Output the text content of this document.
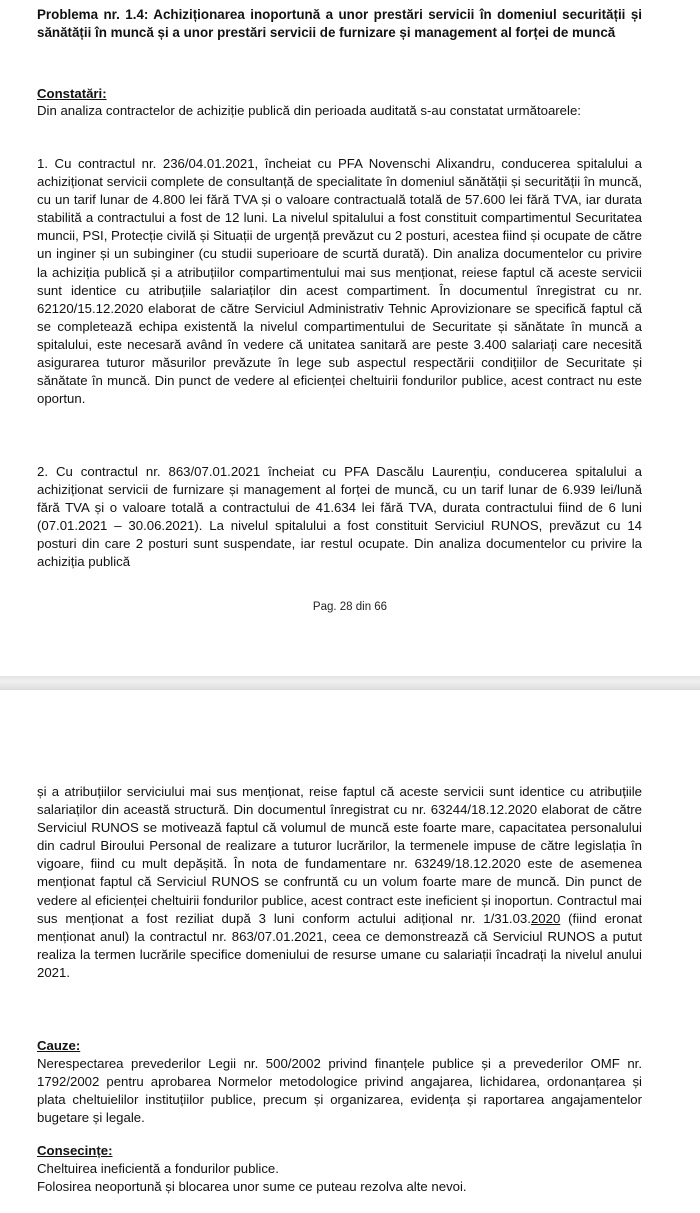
Problema nr. 1.4: Achiziționarea inoportună a unor prestări servicii în domeniul securității și sănătății în muncă și a unor prestări servicii de furnizare și management al forței de muncă
Constatări:
Din analiza contractelor de achiziție publică din perioada auditată s-au constatat următoarele:
1. Cu contractul nr. 236/04.01.2021, încheiat cu PFA Novenschi Alixandru, conducerea spitalului a achiziționat servicii complete de consultanță de specialitate în domeniul sănătății și securității în muncă, cu un tarif lunar de 4.800 lei fără TVA și o valoare contractuală totală de 57.600 lei fără TVA, iar durata stabilită a contractului a fost de 12 luni. La nivelul spitalului a fost constituit compartimentul Securitatea muncii, PSI, Protecție civilă și Situații de urgență prevăzut cu 2 posturi, acestea fiind și ocupate de către un inginer și un subinginer (cu studii superioare de scurtă durată). Din analiza documentelor cu privire la achiziția publică și a atribuțiilor compartimentului mai sus menționat, reiese faptul că aceste servicii sunt identice cu atribuțiile salariaților din acest compartiment. În documentul înregistrat cu nr. 62120/15.12.2020 elaborat de către Serviciul Administrativ Tehnic Aprovizionare se specifică faptul că se completează echipa existentă la nivelul compartimentului de Securitate și sănătate în muncă a spitalului, este necesară având în vedere că unitatea sanitară are peste 3.400 salariați care necesită asigurarea tuturor măsurilor prevăzute în lege sub aspectul respectării condițiilor de Securitate și sănătate în muncă. Din punct de vedere al eficienței cheltuirii fondurilor publice, acest contract nu este oportun.
2. Cu contractul nr. 863/07.01.2021 încheiat cu PFA Dascălu Laurențiu, conducerea spitalului a achiziționat servicii de furnizare și management al forței de muncă, cu un tarif lunar de 6.939 lei/lună fără TVA și o valoare totală a contractului de 41.634 lei fără TVA, durata contractului fiind de 6 luni (07.01.2021 – 30.06.2021). La nivelul spitalului a fost constituit Serviciul RUNOS, prevăzut cu 14 posturi din care 2 posturi sunt suspendate, iar restul ocupate. Din analiza documentelor cu privire la achiziția publică
Pag. 28 din 66
și a atribuțiilor serviciului mai sus menționat, reise faptul că aceste servicii sunt identice cu atribuțiile salariaților din această structură. Din documentul înregistrat cu nr. 63244/18.12.2020 elaborat de către Serviciul RUNOS se motivează faptul că volumul de muncă este foarte mare, capacitatea personalului din cadrul Biroului Personal de realizare a tuturor lucrărilor, la termenele impuse de către legislația în vigoare, fiind cu mult depășită. În nota de fundamentare nr. 63249/18.12.2020 este de asemenea menționat faptul că Serviciul RUNOS se confruntă cu un volum foarte mare de muncă. Din punct de vedere al eficienței cheltuirii fondurilor publice, acest contract este ineficient și inoportun. Contractul mai sus menționat a fost reziliat după 3 luni conform actului adițional nr. 1/31.03.2020 (fiind eronat menționat anul) la contractul nr. 863/07.01.2021, ceea ce demonstrează că Serviciul RUNOS a putut realiza la termen lucrările specifice domeniului de resurse umane cu salariații încadrați la nivelul anului 2021.
Cauze:
Nerespectarea prevederilor Legii nr. 500/2002 privind finanțele publice și a prevederilor OMF nr. 1792/2002 pentru aprobarea Normelor metodologice privind angajarea, lichidarea, ordonanțarea și plata cheltuielilor instituțiilor publice, precum și organizarea, evidența și raportarea angajamentelor bugetare și legale.
Consecințe:
Cheltuirea ineficientă a fondurilor publice.
Folosirea neoportună și blocarea unor sume ce puteau rezolva alte nevoi.
